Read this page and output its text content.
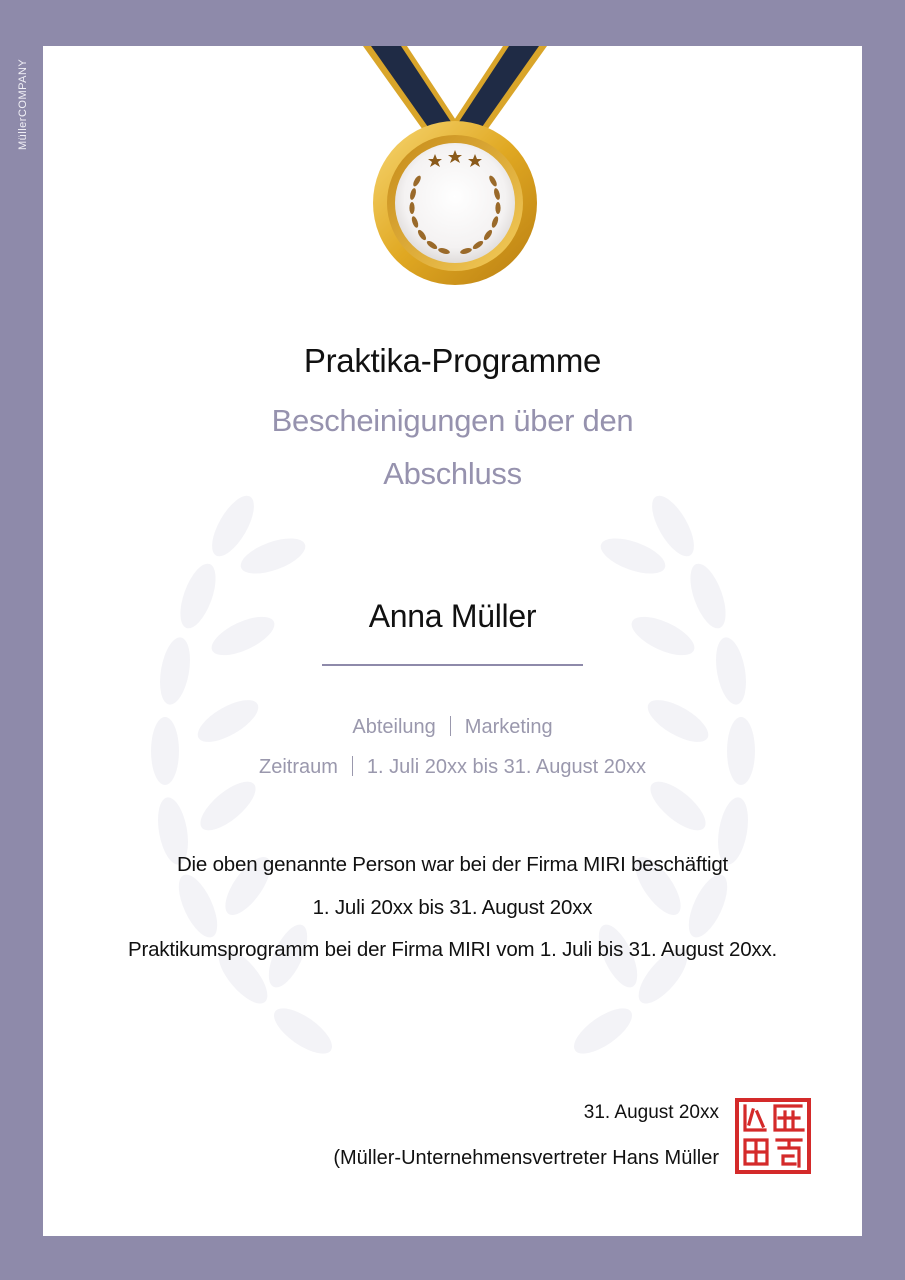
MüllerCOMPANY
Praktika-Programme
Bescheinigungen über den
Abschluss
Anna Müller
Abteilung Marketing
Zeitraum 1. Juli 20xx bis 31. August 20xx
Die oben genannte Person war bei der Firma MIRI beschäftigt
1. Juli 20xx bis 31. August 20xx
Praktikumsprogramm bei der Firma MIRI vom 1. Juli bis 31. August 20xx.
31. August 20xx
(Müller-Unternehmensvertreter Hans Müller
